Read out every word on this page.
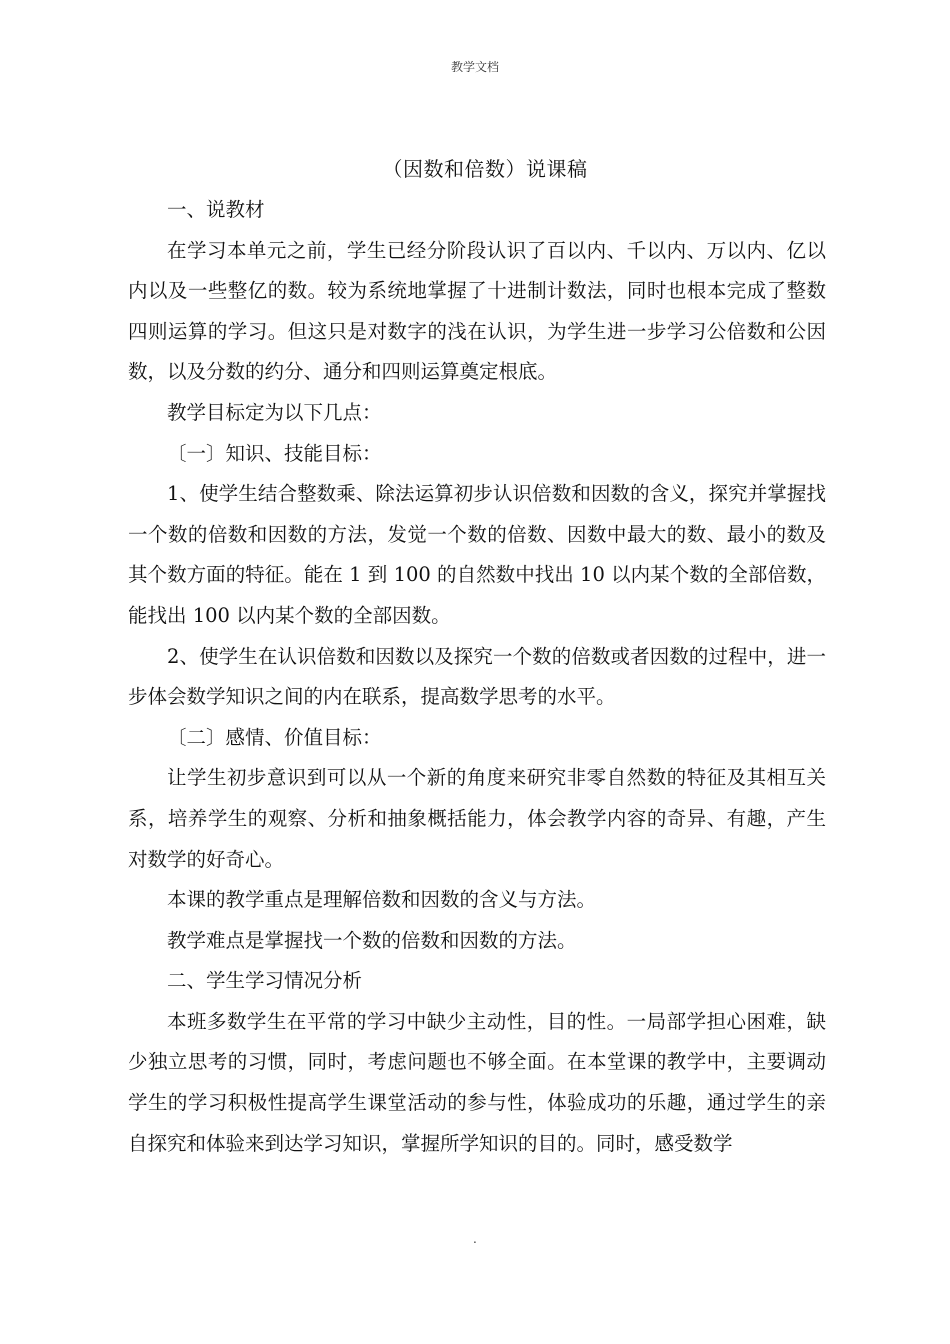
教学文档
（因数和倍数）说课稿

一、说教材

在学习本单元之前，学生已经分阶段认识了百以内、千以内、万以内、亿以内以及一些整亿的数。较为系统地掌握了十进制计数法，同时也根本完成了整数四则运算的学习。但这只是对数字的浅在认识，为学生进一步学习公倍数和公因数，以及分数的约分、通分和四则运算奠定根底。

教学目标定为以下几点：

〔一〕知识、技能目标：

1、使学生结合整数乘、除法运算初步认识倍数和因数的含义，探究并掌握找一个数的倍数和因数的方法，发觉一个数的倍数、因数中最大的数、最小的数及其个数方面的特征。能在 1 到 100 的自然数中找出 10 以内某个数的全部倍数，能找出 100 以内某个数的全部因数。

2、使学生在认识倍数和因数以及探究一个数的倍数或者因数的过程中，进一步体会数学知识之间的内在联系，提高数学思考的水平。

〔二〕感情、价值目标：

让学生初步意识到可以从一个新的角度来研究非零自然数的特征及其相互关系，培养学生的观察、分析和抽象概括能力，体会教学内容的奇异、有趣，产生对数学的好奇心。

本课的教学重点是理解倍数和因数的含义与方法。

教学难点是掌握找一个数的倍数和因数的方法。

二、学生学习情况分析

本班多数学生在平常的学习中缺少主动性，目的性。一局部学担心困难，缺少独立思考的习惯，同时，考虑问题也不够全面。在本堂课的教学中，主要调动学生的学习积极性提高学生课堂活动的参与性，体验成功的乐趣，通过学生的亲自探究和体验来到达学习知识，掌握所学知识的目的。同时，感受数学

.
